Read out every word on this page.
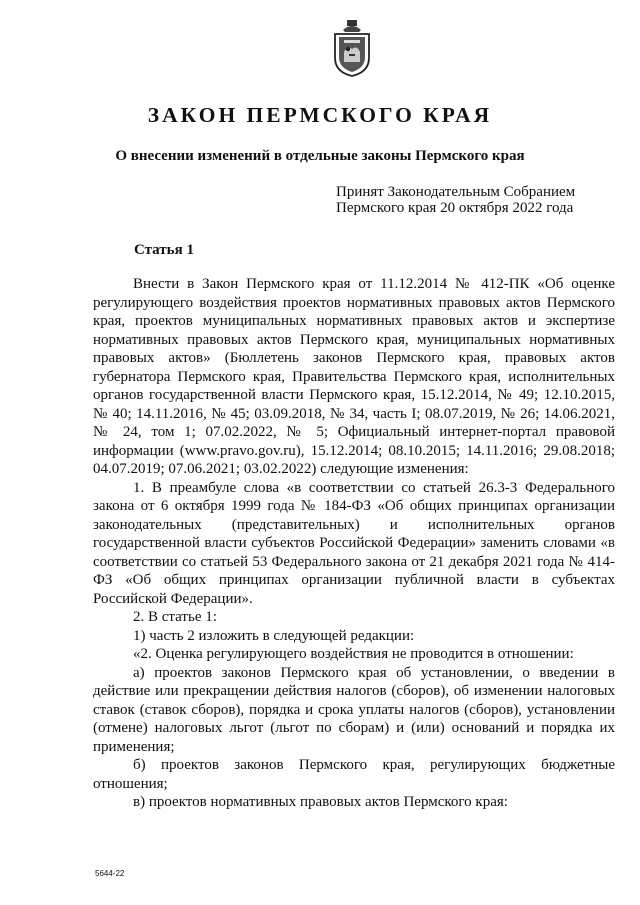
ЗАКОН ПЕРМСКОГО КРАЯ
О внесении изменений в отдельные законы Пермского края
Принят Законодательным Собранием
Пермского края 20 октября 2022 года
Статья 1

Внести в Закон Пермского края от 11.12.2014 № 412-ПК «Об оценке регулирующего воздействия проектов нормативных правовых актов Пермского края, проектов муниципальных нормативных правовых актов и экспертизе нормативных правовых актов Пермского края, муниципальных нормативных правовых актов» (Бюллетень законов Пермского края, правовых актов губернатора Пермского края, Правительства Пермского края, исполнительных органов государственной власти Пермского края, 15.12.2014, № 49; 12.10.2015, № 40; 14.11.2016, № 45; 03.09.2018, № 34, часть I; 08.07.2019, № 26; 14.06.2021, № 24, том 1; 07.02.2022, № 5; Официальный интернет-портал правовой информации (www.pravo.gov.ru), 15.12.2014; 08.10.2015; 14.11.2016; 29.08.2018; 04.07.2019; 07.06.2021; 03.02.2022) следующие изменения:

1. В преамбуле слова «в соответствии со статьей 26.3-3 Федерального закона от 6 октября 1999 года № 184-ФЗ «Об общих принципах организации законодательных (представительных) и исполнительных органов государственной власти субъектов Российской Федерации» заменить словами «в соответствии со статьей 53 Федерального закона от 21 декабря 2021 года № 414-ФЗ «Об общих принципах организации публичной власти в субъектах Российской Федерации».

2. В статье 1:

1) часть 2 изложить в следующей редакции:

«2. Оценка регулирующего воздействия не проводится в отношении:

а) проектов законов Пермского края об установлении, о введении в действие или прекращении действия налогов (сборов), об изменении налоговых ставок (ставок сборов), порядка и срока уплаты налогов (сборов), установлении (отмене) налоговых льгот (льгот по сборам) и (или) оснований и порядка их применения;

б) проектов законов Пермского края, регулирующих бюджетные отношения;

в) проектов нормативных правовых актов Пермского края:

5644-22
